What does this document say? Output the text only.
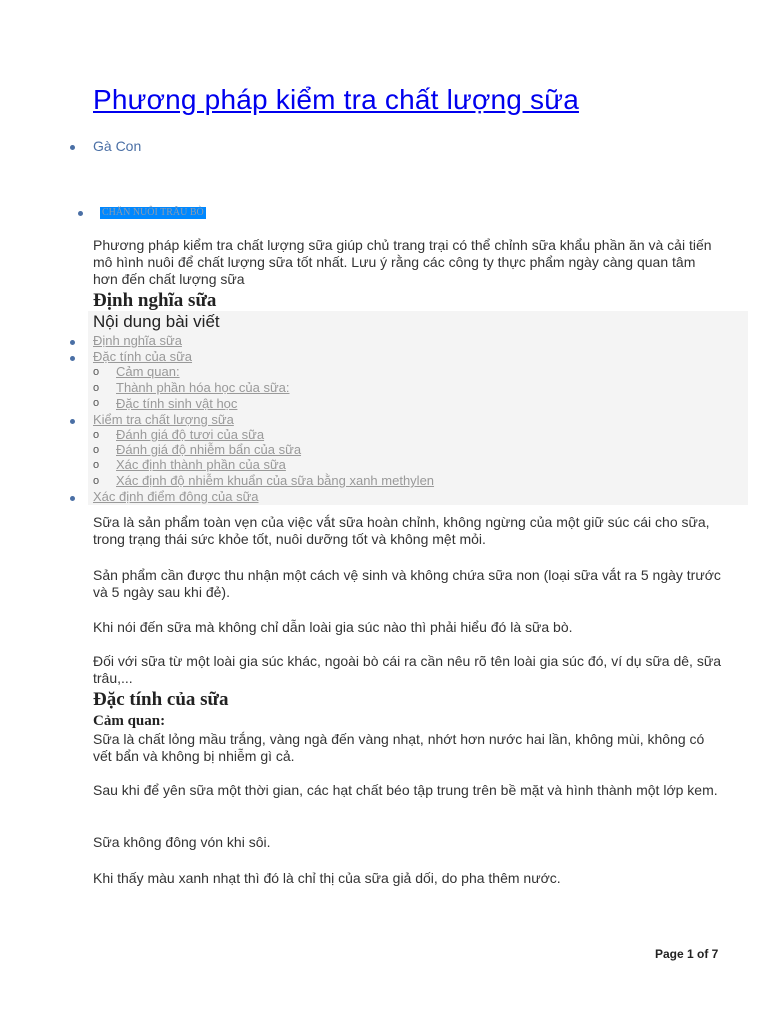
Phương pháp kiểm tra chất lượng sữa
Gà Con
CHĂN NUÔI TRÂU BÒ

Phương pháp kiểm tra chất lượng sữa giúp chủ trang trại có thể chỉnh sữa khẩu phần ăn và cải tiến mô hình nuôi để chất lượng sữa tốt nhất. Lưu ý rằng các công ty thực phẩm ngày càng quan tâm hơn đến chất lượng sữa

Định nghĩa sữa
Nội dung bài viết
o
o
o
o
o
o
o
Định nghĩa sữa
Đặc tính của sữa
Cảm quan:
Thành phần hóa học của sữa:
Đặc tính sinh vật học
Kiểm tra chất lượng sữa
Đánh giá độ tươi của sữa
Đánh giá độ nhiễm bẩn của sữa
Xác định thành phần của sữa
Xác định độ nhiễm khuẩn của sữa bằng xanh methylen
Xác định điểm đông của sữa

Sữa là sản phẩm toàn vẹn của việc vắt sữa hoàn chỉnh, không ngừng của một giữ súc cái cho sữa, trong trạng thái sức khỏe tốt, nuôi dưỡng tốt và không mệt mỏi.

Sản phẩm cần được thu nhận một cách vệ sinh và không chứa sữa non (loại sữa vắt ra 5 ngày trước và 5 ngày sau khi đẻ).

Khi nói đến sữa mà không chỉ dẫn loài gia súc nào thì phải hiểu đó là sữa bò.

Đối với sữa từ một loài gia súc khác, ngoài bò cái ra cần nêu rõ tên loài gia súc đó, ví dụ sữa dê, sữa trâu,...

Đặc tính của sữa
Cảm quan:

Sữa là chất lỏng mầu trắng, vàng ngà đến vàng nhạt, nhớt hơn nước hai lần, không mùi, không có vết bẩn và không bị nhiễm gì cả.

Sau khi để yên sữa một thời gian, các hạt chất béo tập trung trên bề mặt và hình thành một lớp kem.

Sữa không đông vón khi sôi.

Khi thấy màu xanh nhạt thì đó là chỉ thị của sữa giả dối, do pha thêm nước.

Page 1 of 7
